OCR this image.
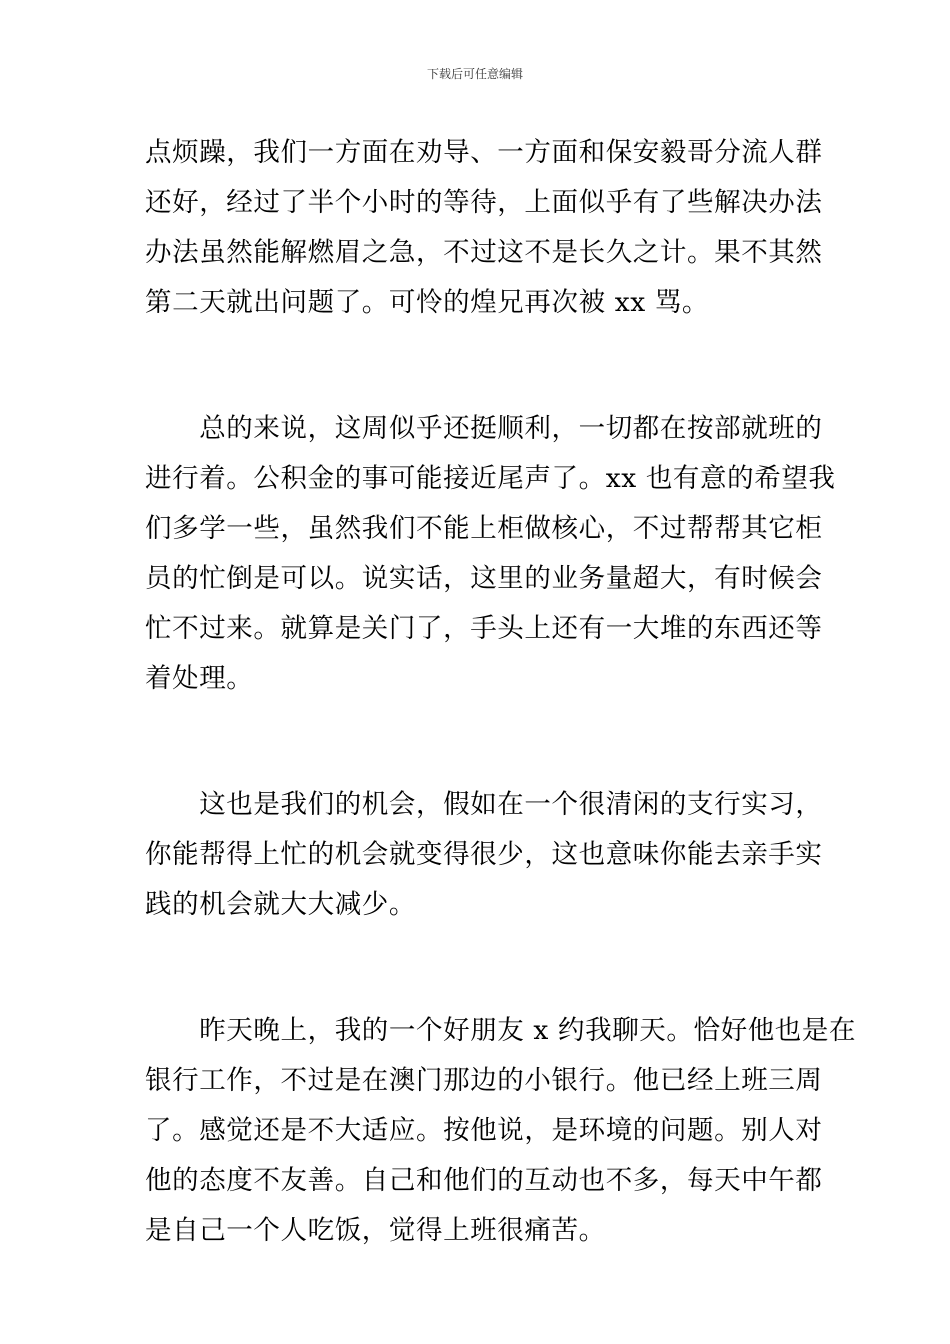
下载后可任意编辑
点烦躁，我们一方面在劝导、一方面和保安毅哥分流人群
还好，经过了半个小时的等待，上面似乎有了些解决办法
办法虽然能解燃眉之急，不过这不是长久之计。果不其然
第二天就出问题了。可怜的煌兄再次被 xx 骂。
　　总的来说，这周似乎还挺顺利，一切都在按部就班的
进行着。公积金的事可能接近尾声了。xx 也有意的希望我
们多学一些，虽然我们不能上柜做核心，不过帮帮其它柜
员的忙倒是可以。说实话，这里的业务量超大，有时候会
忙不过来。就算是关门了，手头上还有一大堆的东西还等
着处理。
　　这也是我们的机会，假如在一个很清闲的支行实习，
你能帮得上忙的机会就变得很少，这也意味你能去亲手实
践的机会就大大减少。
　　昨天晚上，我的一个好朋友 x 约我聊天。恰好他也是在
银行工作，不过是在澳门那边的小银行。他已经上班三周
了。感觉还是不大适应。按他说，是环境的问题。别人对
他的态度不友善。自己和他们的互动也不多，每天中午都
是自己一个人吃饭，觉得上班很痛苦。
